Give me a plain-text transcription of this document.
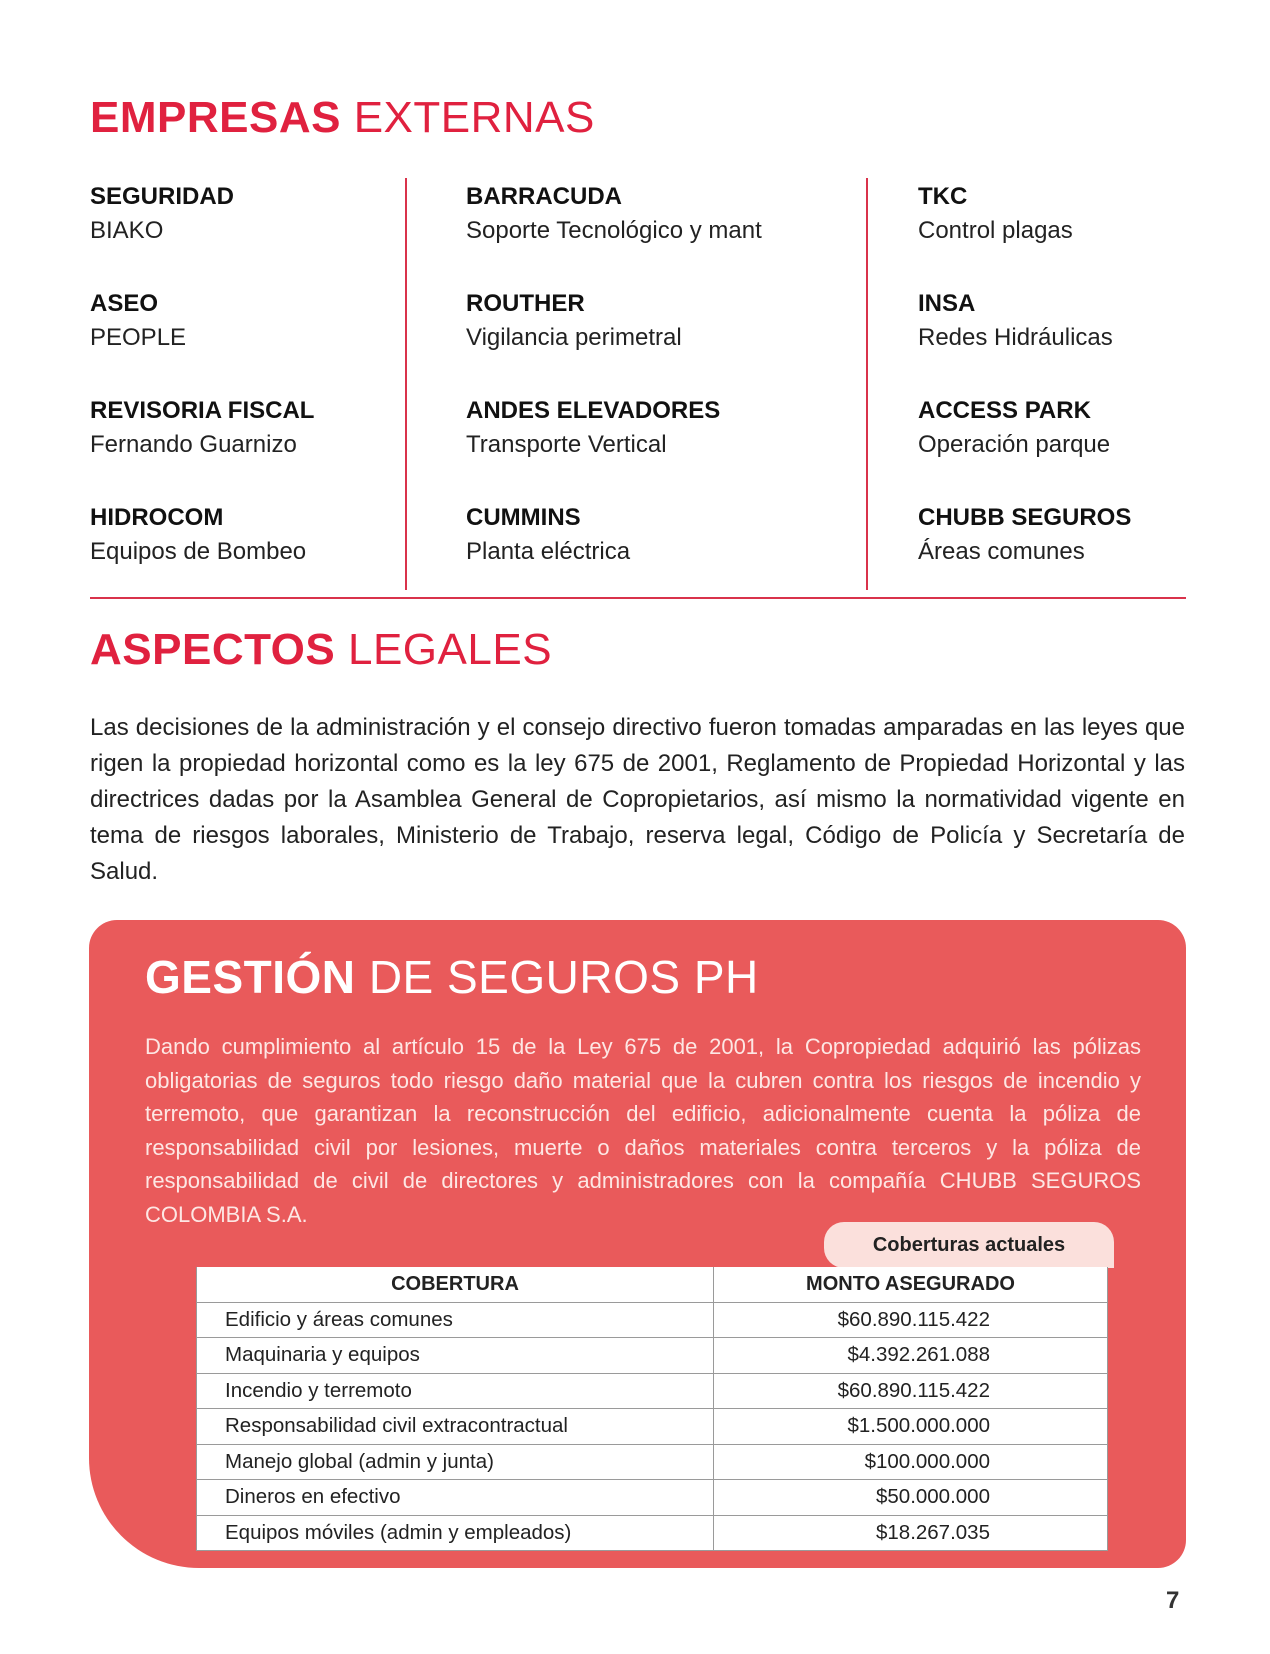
EMPRESAS EXTERNAS
SEGURIDAD
BIAKO
ASEO
PEOPLE
REVISORIA FISCAL
Fernando Guarnizo
HIDROCOM
Equipos de Bombeo
BARRACUDA
Soporte Tecnológico y mant
ROUTHER
Vigilancia perimetral
ANDES ELEVADORES
Transporte Vertical
CUMMINS
Planta eléctrica
TKC
Control plagas
INSA
Redes Hidráulicas
ACCESS PARK
Operación parque
CHUBB SEGUROS
Áreas comunes
ASPECTOS LEGALES

Las decisiones de la administración y el consejo directivo fueron tomadas amparadas en las leyes que rigen la propiedad horizontal como es la ley 675 de 2001, Reglamento de Propiedad Horizontal y las directrices dadas por la Asamblea General de Copropietarios, así mismo la normatividad vigente en tema de riesgos laborales, Ministerio de Trabajo, reserva legal, Código de Policía y Secretaría de Salud.

GESTIÓN DE SEGUROS PH

Dando cumplimiento al artículo 15 de la Ley 675 de 2001, la Copropiedad adquirió las pólizas obligatorias de seguros todo riesgo daño material que la cubren contra los riesgos de incendio y terremoto, que garantizan la reconstrucción del edificio, adicionalmente cuenta la póliza de responsabilidad civil por lesiones, muerte o daños materiales contra terceros y la póliza de responsabilidad de civil de directores y administradores con la compañía CHUBB SEGUROS COLOMBIA S.A.

Coberturas actuales
COBERTURA	MONTO ASEGURADO
Edificio y áreas comunes	$60.890.115.422
Maquinaria y equipos	$4.392.261.088
Incendio y terremoto	$60.890.115.422
Responsabilidad civil extracontractual	$1.500.000.000
Manejo global (admin y junta)	$100.000.000
Dineros en efectivo	$50.000.000
Equipos móviles (admin y empleados)	$18.267.035
7
